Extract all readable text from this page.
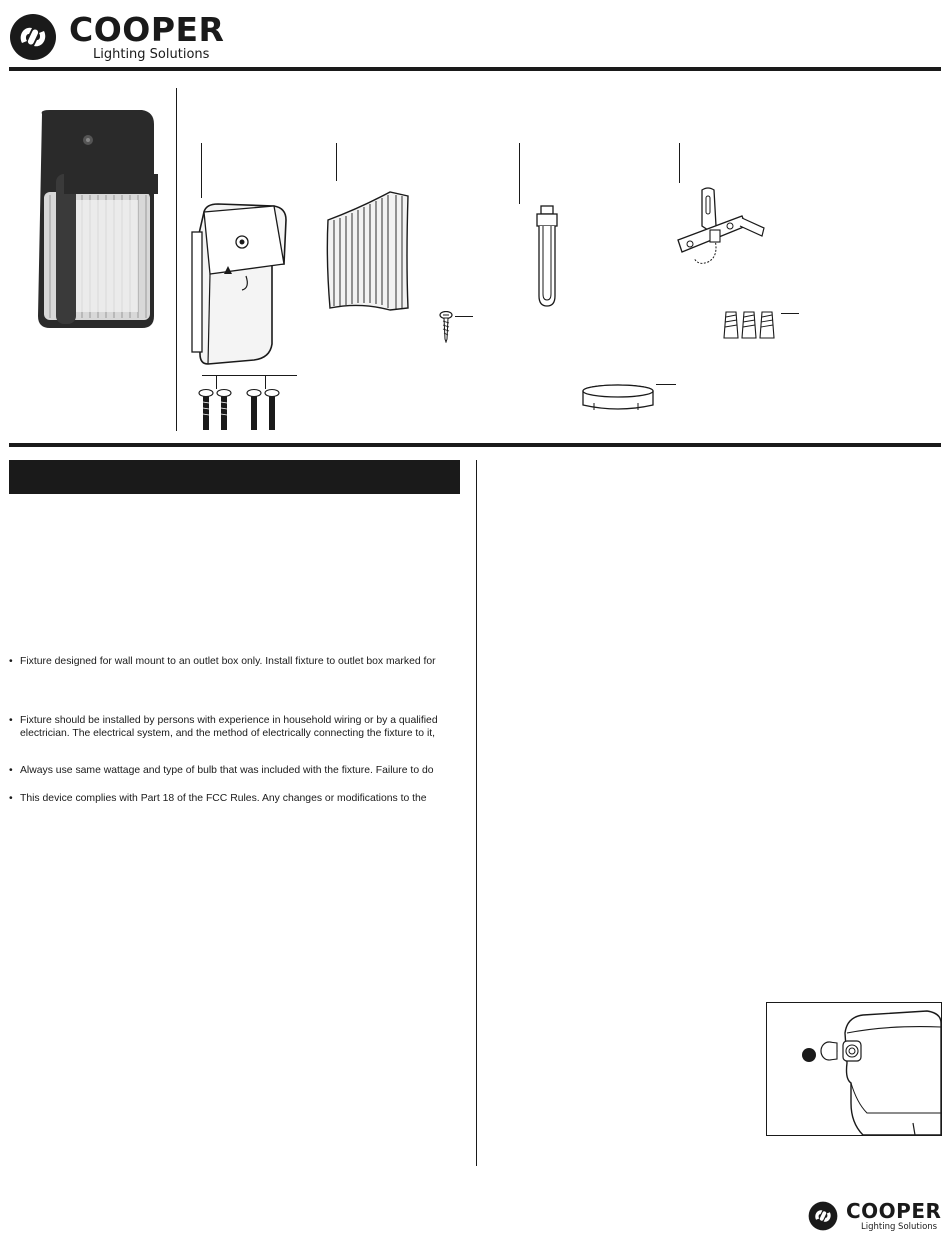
COOPER
Lighting Solutions
• Fixture designed for wall mount to an outlet box only. Install fixture to outlet box marked for
• Fixture should be installed by persons with experience in household wiring or by a qualified
electrician. The electrical system, and the method of electrically connecting the fixture to it,
• Always use same wattage and type of bulb that was included with the fixture. Failure to do
• This device complies with Part 18 of the FCC Rules. Any changes or modifications to the
COOPER
Lighting Solutions
